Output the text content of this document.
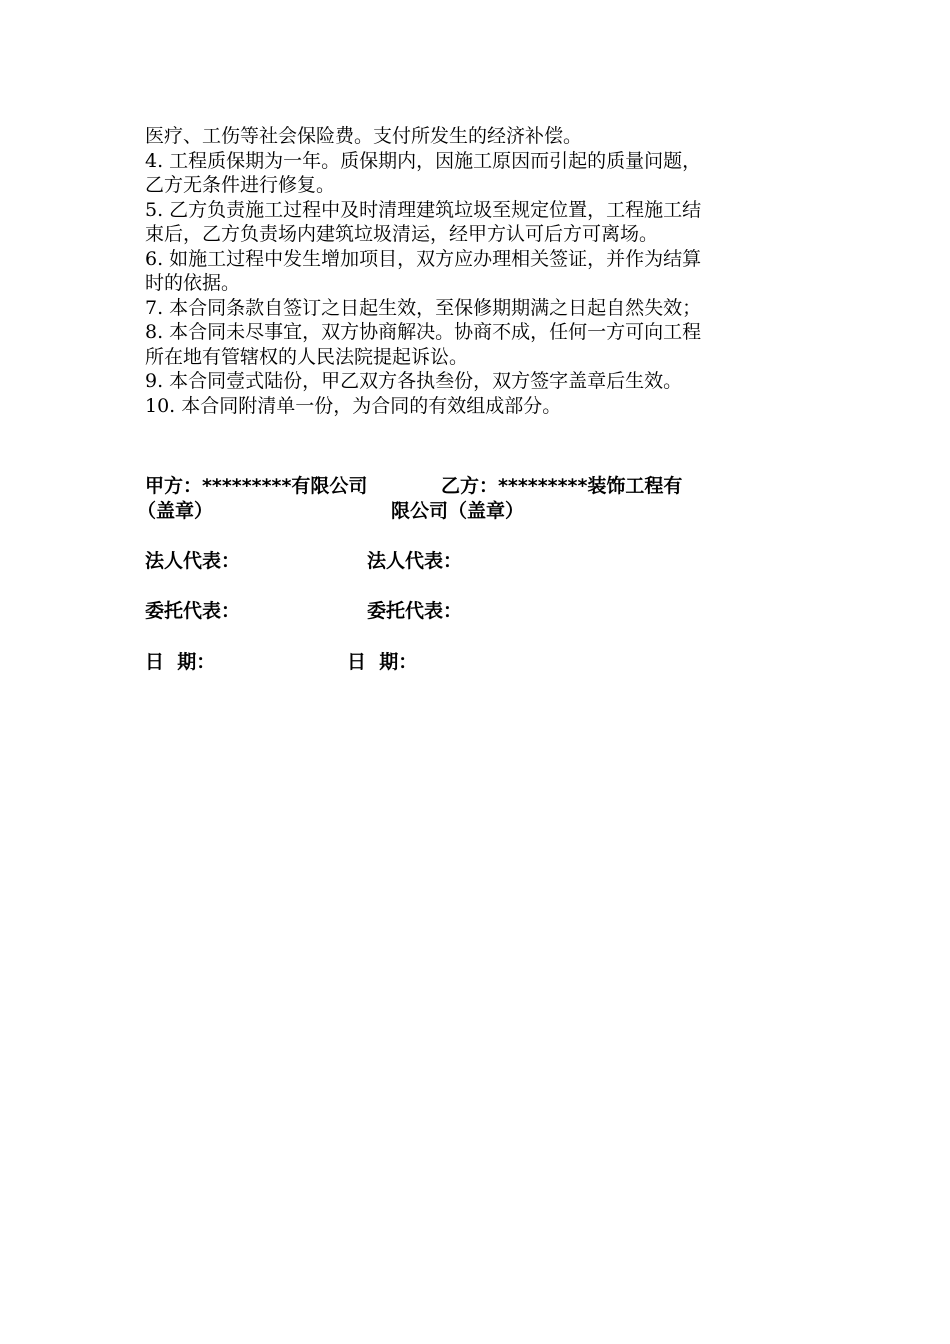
医疗、工伤等社会保险费。支付所发生的经济补偿。

4. 工程质保期为一年。质保期内，因施工原因而引起的质量问题，

乙方无条件进行修复。

5. 乙方负责施工过程中及时清理建筑垃圾至规定位置，工程施工结

束后，乙方负责场内建筑垃圾清运，经甲方认可后方可离场。

6. 如施工过程中发生增加项目，双方应办理相关签证，并作为结算

时的依据。

7. 本合同条款自签订之日起生效，至保修期期满之日起自然失效；

8. 本合同未尽事宜，双方协商解决。协商不成，任何一方可向工程

所在地有管辖权的人民法院提起诉讼。

9. 本合同壹式陆份，甲乙双方各执叁份，双方签字盖章后生效。

10. 本合同附清单一份，为合同的有效组成部分。

甲方：*********有限公司	乙方：*********装饰工程有

（盖章）	限公司（盖章）

法人代表：	法人代表：

委托代表：	委托代表：

日  期：	日  期：
